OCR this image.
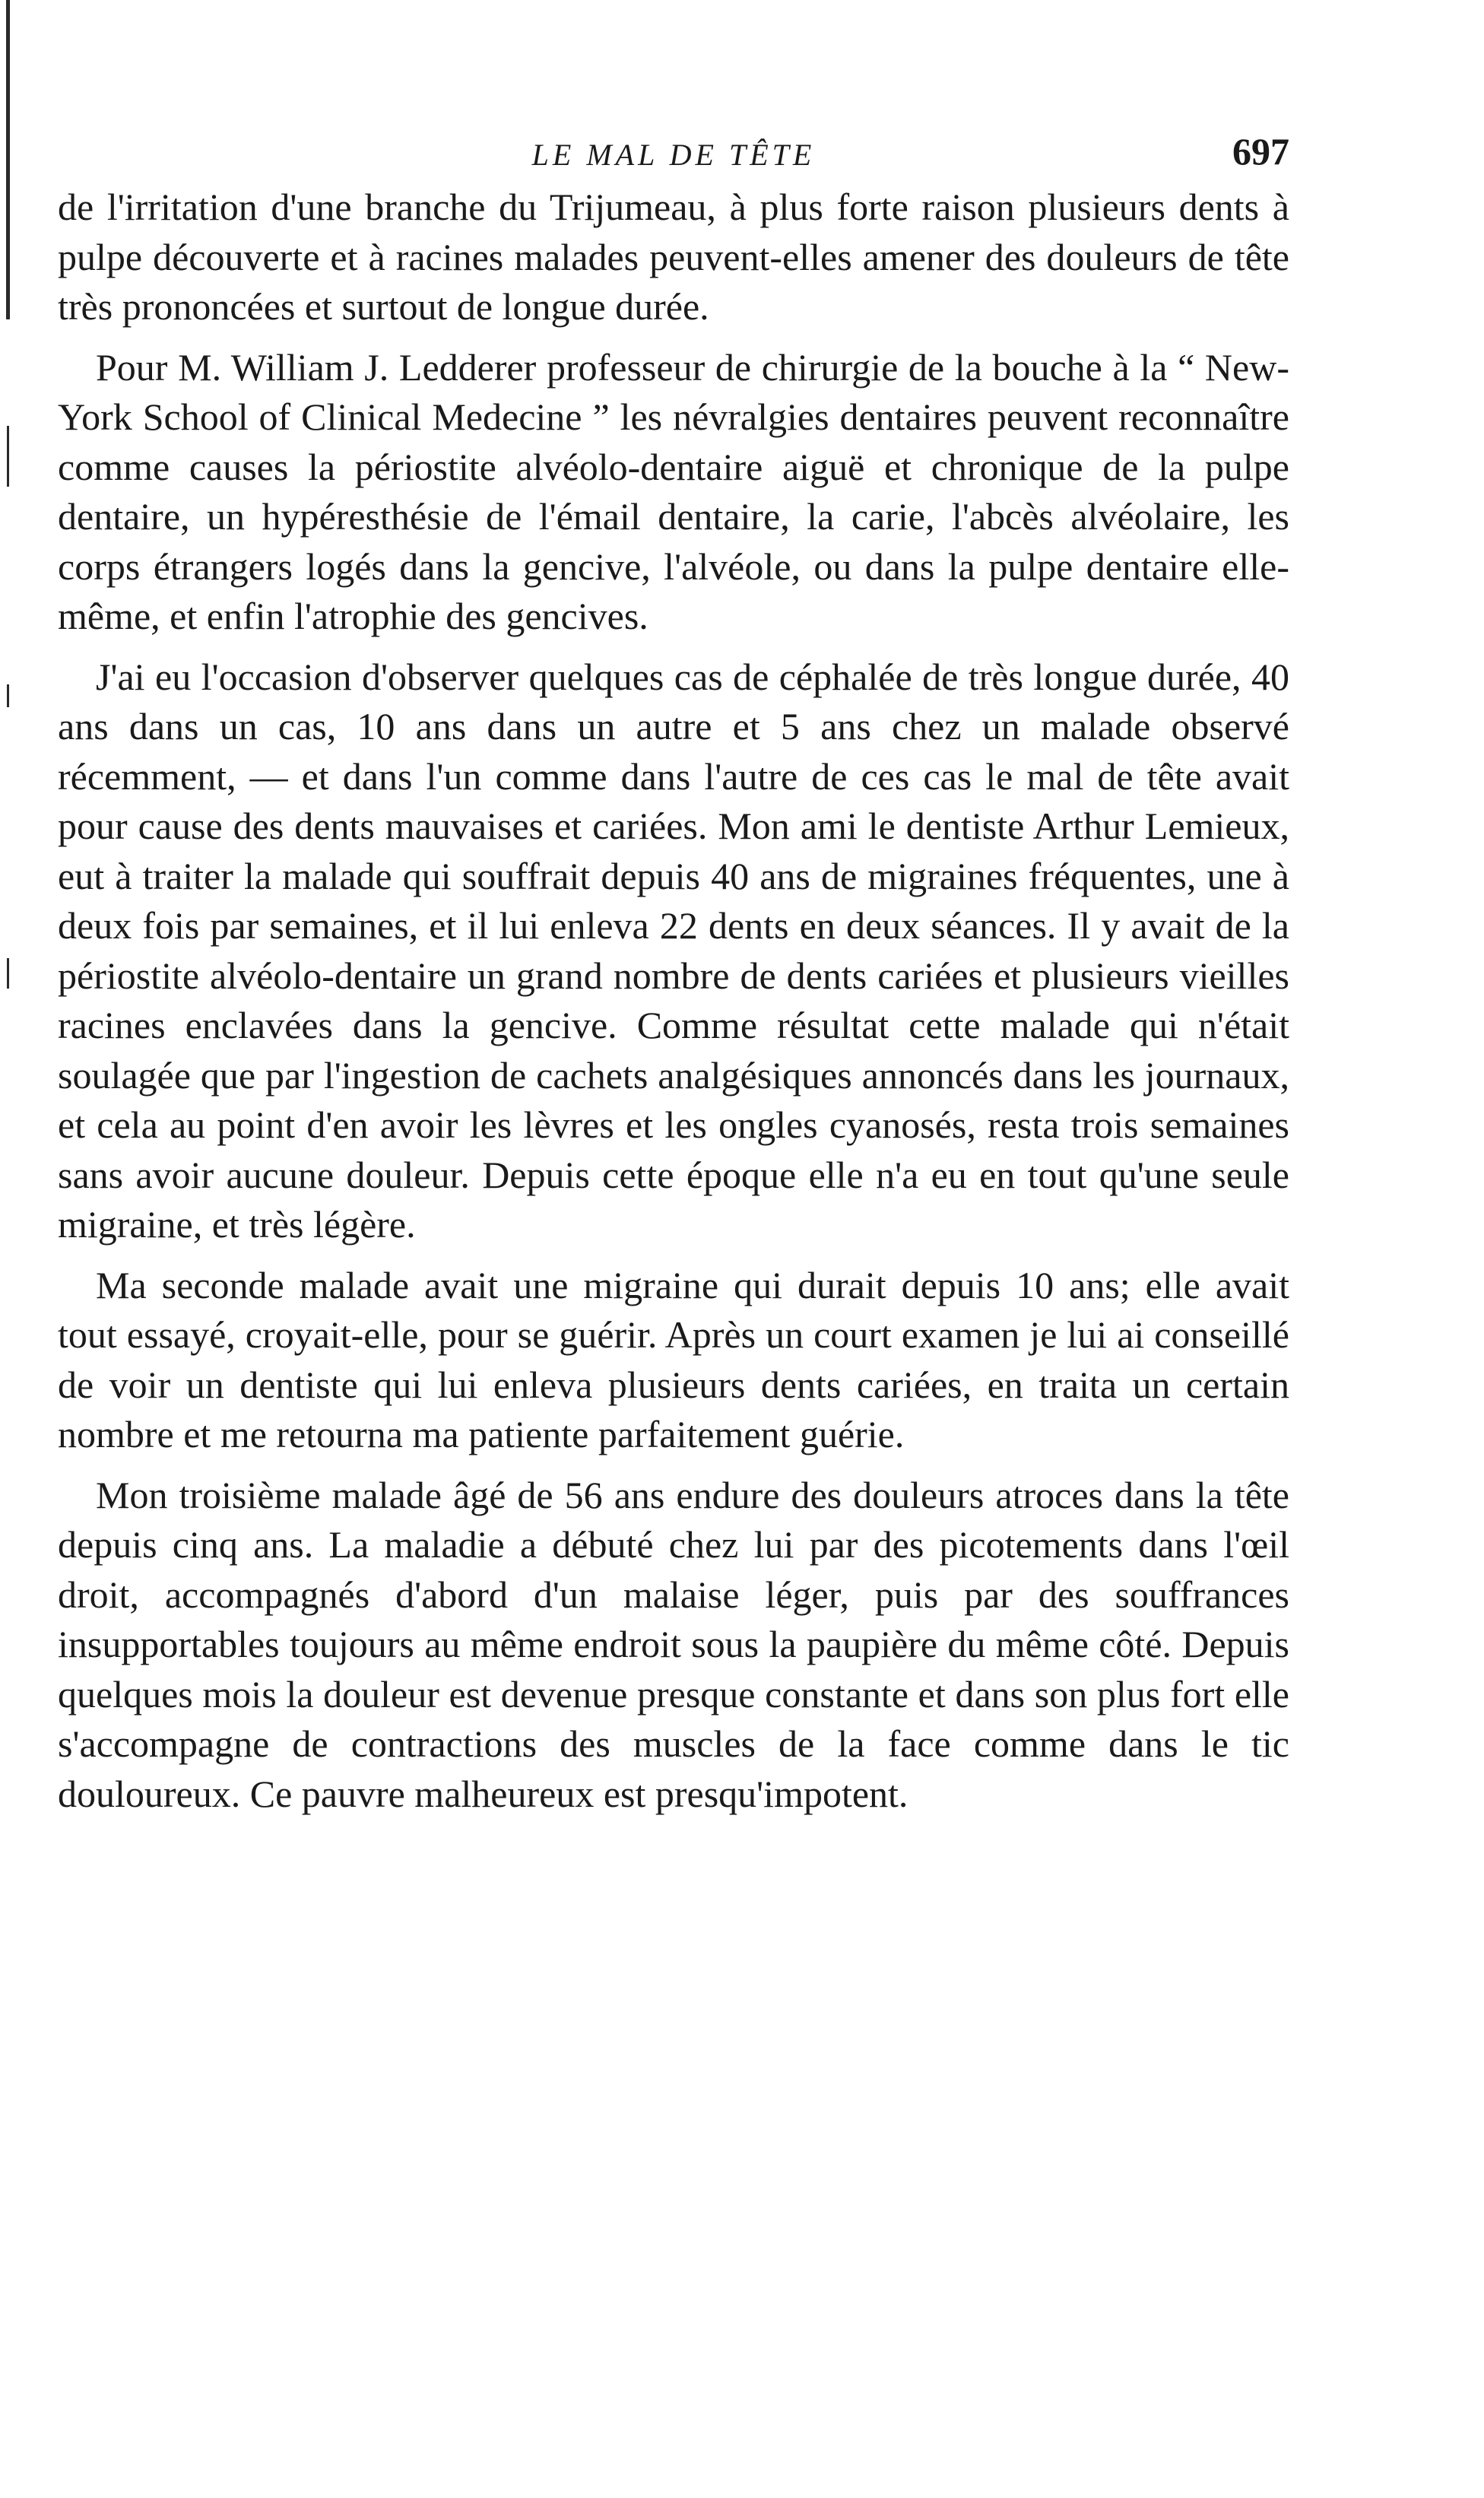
LE MAL DE TÊTE	697

de l'irritation d'une branche du Trijumeau, à plus forte raison plusieurs dents à pulpe découverte et à racines malades peuvent-elles amener des douleurs de tête très prononcées et surtout de longue durée.

Pour M. William J. Ledderer professeur de chirurgie de la bouche à la “ New-York School of Clinical Medecine ” les névralgies dentaires peuvent reconnaître comme causes la périostite alvéolo-dentaire aiguë et chronique de la pulpe dentaire, un hypéresthésie de l'émail dentaire, la carie, l'abcès alvéolaire, les corps étrangers logés dans la gencive, l'alvéole, ou dans la pulpe dentaire elle-même, et enfin l'atrophie des gencives.

J'ai eu l'occasion d'observer quelques cas de céphalée de très longue durée, 40 ans dans un cas, 10 ans dans un autre et 5 ans chez un malade observé récemment, — et dans l'un comme dans l'autre de ces cas le mal de tête avait pour cause des dents mauvaises et cariées. Mon ami le dentiste Arthur Lemieux, eut à traiter la malade qui souffrait depuis 40 ans de migraines fréquentes, une à deux fois par semaines, et il lui enleva 22 dents en deux séances. Il y avait de la périostite alvéolo-dentaire un grand nombre de dents cariées et plusieurs vieilles racines enclavées dans la gencive. Comme résultat cette malade qui n'était soulagée que par l'ingestion de cachets analgésiques annoncés dans les journaux, et cela au point d'en avoir les lèvres et les ongles cyanosés, resta trois semaines sans avoir aucune douleur. Depuis cette époque elle n'a eu en tout qu'une seule migraine, et très légère.

Ma seconde malade avait une migraine qui durait depuis 10 ans; elle avait tout essayé, croyait-elle, pour se guérir. Après un court examen je lui ai conseillé de voir un dentiste qui lui enleva plusieurs dents cariées, en traita un certain nombre et me retourna ma patiente parfaitement guérie.

Mon troisième malade âgé de 56 ans endure des douleurs atroces dans la tête depuis cinq ans. La maladie a débuté chez lui par des picotements dans l'œil droit, accompagnés d'abord d'un malaise léger, puis par des souffrances insupportables toujours au même endroit sous la paupière du même côté. Depuis quelques mois la douleur est devenue presque constante et dans son plus fort elle s'accompagne de contractions des muscles de la face comme dans le tic douloureux. Ce pauvre malheureux est presqu'impotent.
